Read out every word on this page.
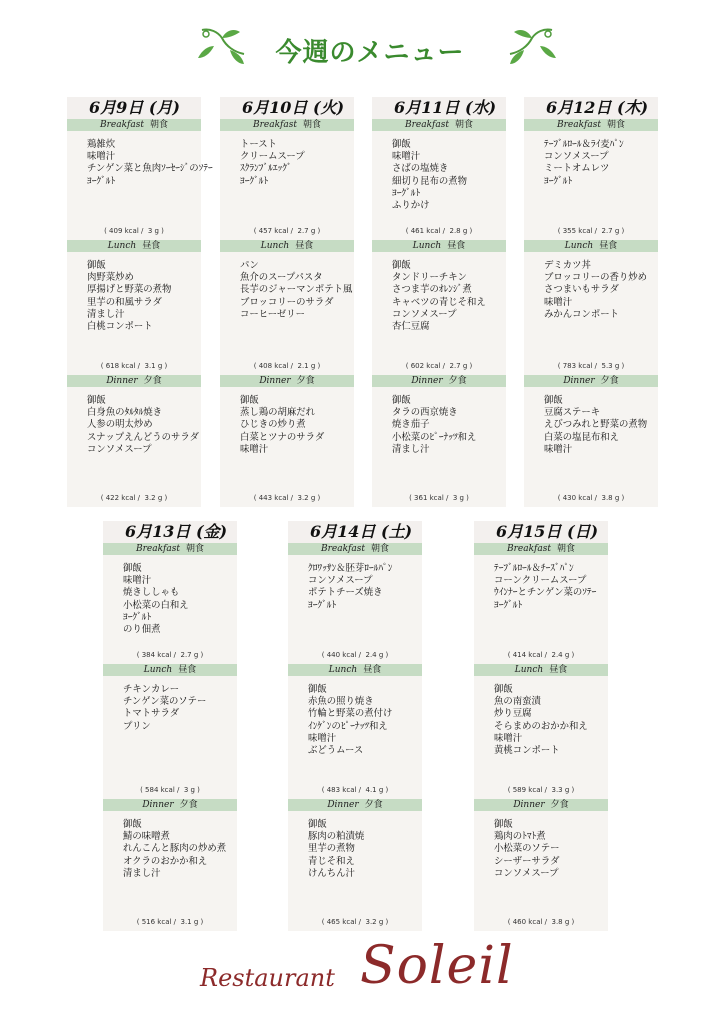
今週のメニュー
6月9日 (月)
Breakfast 朝食
鶏雑炊
味噌汁
チンゲン菜と魚肉ｿｰｾｰｼﾞのｿﾃｰ
ﾖｰｸﾞﾙﾄ
( 409 kcal /  3 g )
Lunch 昼食
御飯
肉野菜炒め
厚揚げと野菜の煮物
里芋の和風サラダ
清まし汁
白桃コンポート
( 618 kcal /  3.1 g )
Dinner 夕食
御飯
白身魚のﾀﾙﾀﾙ焼き
人参の明太炒め
スナップえんどうのサラダ
コンソメスープ
( 422 kcal /  3.2 g )
6月10日 (火)
Breakfast 朝食
トースト
クリームスープ
ｽｸﾗﾝﾌﾞﾙｴｯｸﾞ
ﾖｰｸﾞﾙﾄ
( 457 kcal /  2.7 g )
Lunch 昼食
パン
魚介のスープパスタ
長芋のジャーマンポテト風
ブロッコリーのサラダ
コーヒーゼリー
( 408 kcal /  2.1 g )
Dinner 夕食
御飯
蒸し鶏の胡麻だれ
ひじきの炒り煮
白菜とツナのサラダ
味噌汁
( 443 kcal /  3.2 g )
6月11日 (水)
Breakfast 朝食
御飯
味噌汁
さばの塩焼き
細切り昆布の煮物
ﾖｰｸﾞﾙﾄ
ふりかけ
( 461 kcal /  2.8 g )
Lunch 昼食
御飯
タンドリーチキン
さつま芋のｵﾚﾝｼﾞ煮
キャベツの青じそ和え
コンソメスープ
杏仁豆腐
( 602 kcal /  2.7 g )
Dinner 夕食
御飯
タラの西京焼き
焼き茄子
小松菜のﾋﾟｰﾅｯﾂ和え
清まし汁
( 361 kcal /  3 g )
6月12日 (木)
Breakfast 朝食
ﾃｰﾌﾞﾙﾛｰﾙ＆ﾗｲ麦ﾊﾟﾝ
コンソメスープ
ミートオムレツ
ﾖｰｸﾞﾙﾄ
( 355 kcal /  2.7 g )
Lunch 昼食
デミカツ丼
ブロッコリーの香り炒め
さつまいもサラダ
味噌汁
みかんコンポート
( 783 kcal /  5.3 g )
Dinner 夕食
御飯
豆腐ステーキ
えびつみれと野菜の煮物
白菜の塩昆布和え
味噌汁
( 430 kcal /  3.8 g )
6月13日 (金)
Breakfast 朝食
御飯
味噌汁
焼きししゃも
小松菜の白和え
ﾖｰｸﾞﾙﾄ
のり佃煮
( 384 kcal /  2.7 g )
Lunch 昼食
チキンカレー
チンゲン菜のソテー
トマトサラダ
プリン
( 584 kcal /  3 g )
Dinner 夕食
御飯
鯖の味噌煮
れんこんと豚肉の炒め煮
オクラのおかか和え
清まし汁
( 516 kcal /  3.1 g )
6月14日 (土)
Breakfast 朝食
ｸﾛﾜｯｻﾝ＆胚芽ﾛｰﾙﾊﾟﾝ
コンソメスープ
ポテトチーズ焼き
ﾖｰｸﾞﾙﾄ
( 440 kcal /  2.4 g )
Lunch 昼食
御飯
赤魚の照り焼き
竹輪と野菜の煮付け
ｲﾝｹﾞﾝのﾋﾟｰﾅｯﾂ和え
味噌汁
ぶどうムース
( 483 kcal /  4.1 g )
Dinner 夕食
御飯
豚肉の粕漬焼
里芋の煮物
青じそ和え
けんちん汁
( 465 kcal /  3.2 g )
6月15日 (日)
Breakfast 朝食
ﾃｰﾌﾞﾙﾛｰﾙ＆ﾁｰｽﾞﾊﾟﾝ
コーンクリームスープ
ｳｲﾝﾅｰとチンゲン菜のｿﾃｰ
ﾖｰｸﾞﾙﾄ
( 414 kcal /  2.4 g )
Lunch 昼食
御飯
魚の南蛮漬
炒り豆腐
そらまめのおかか和え
味噌汁
黄桃コンポート
( 589 kcal /  3.3 g )
Dinner 夕食
御飯
鶏肉のﾄﾏﾄ煮
小松菜のソテー
シーザーサラダ
コンソメスープ
( 460 kcal /  3.8 g )
Restaurant Soleil
